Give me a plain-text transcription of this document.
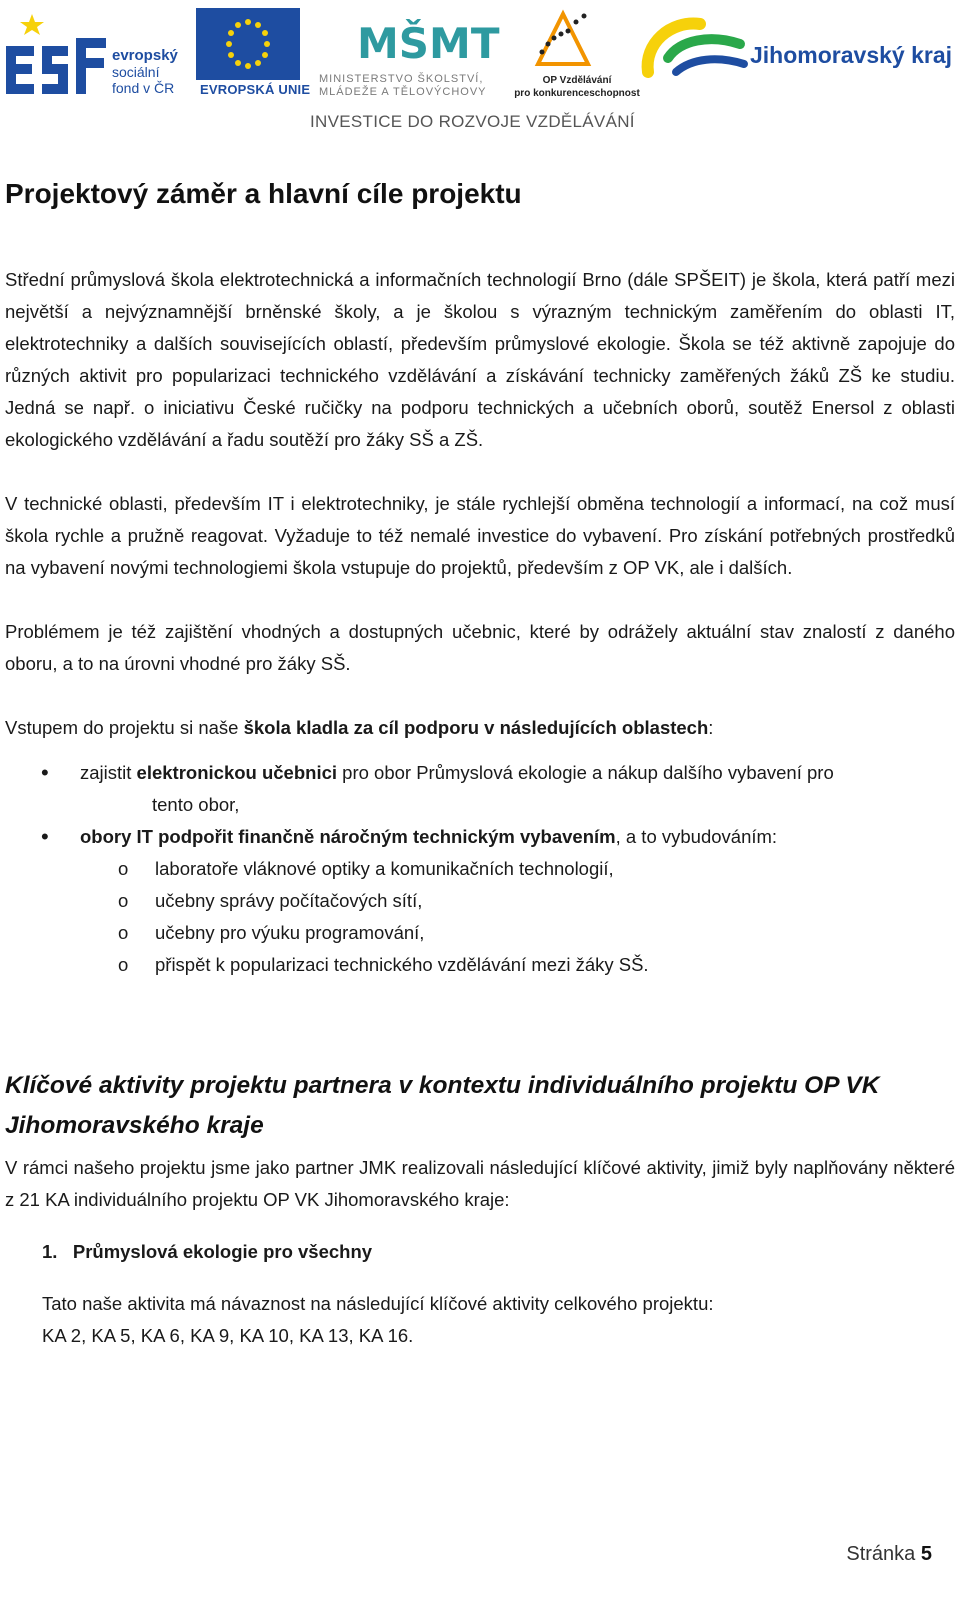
evropský
sociální
fond v ČR EVROPSKÁ UNIE
MŠMT
MINISTERSTVO ŠKOLSTVÍ,
MLÁDEŽE A TĚLOVÝCHOVY
OP Vzdělávání
pro konkurenceschopnost
Jihomoravský kraj
INVESTICE DO ROZVOJE VZDĚLÁVÁNÍ
Projektový záměr a hlavní cíle projektu

Střední průmyslová škola elektrotechnická a informačních technologií Brno (dále SPŠEIT) je škola, která patří mezi největší a nejvýznamnější brněnské školy, a je školou s výrazným technickým zaměřením do oblasti IT, elektrotechniky a dalších souvisejících oblastí, především průmyslové ekologie. Škola se též aktivně zapojuje do různých aktivit pro popularizaci technického vzdělávání a získávání technicky zaměřených žáků ZŠ ke studiu. Jedná se např. o iniciativu České ručičky na podporu technických a učebních oborů, soutěž Enersol z oblasti ekologického vzdělávání a řadu soutěží pro žáky SŠ a ZŠ.

V technické oblasti, především IT i elektrotechniky, je stále rychlejší obměna technologií a informací, na což musí škola rychle a pružně reagovat. Vyžaduje to též nemalé investice do vybavení. Pro získání potřebných prostředků na vybavení novými technologiemi škola vstupuje do projektů, především z OP VK, ale i dalších.

Problémem je též zajištění vhodných a dostupných učebnic, které by odrážely aktuální stav znalostí z daného oboru, a to na úrovni vhodné pro žáky SŠ.

Vstupem do projektu si naše škola kladla za cíl podporu v následujících oblastech:

• zajistit elektronickou učebnici pro obor Průmyslová ekologie a nákup dalšího vybavení pro
tento obor,
• obory IT podpořit finančně náročným technickým vybavením, a to vybudováním:
o laboratoře vláknové optiky a komunikačních technologií,
o učebny správy počítačových sítí,
o učebny pro výuku programování,
o přispět k popularizaci technického vzdělávání mezi žáky SŠ.
Klíčové aktivity projektu partnera v kontextu individuálního projektu OP VK
Jihomoravského kraje

V rámci našeho projektu jsme jako partner JMK realizovali následující klíčové aktivity, jimiž byly naplňovány některé z 21 KA individuálního projektu OP VK Jihomoravského kraje:

1. Průmyslová ekologie pro všechny
Tato naše aktivita má návaznost na následující klíčové aktivity celkového projektu:
KA 2, KA 5, KA 6, KA 9, KA 10, KA 13, KA 16.
Stránka 5
